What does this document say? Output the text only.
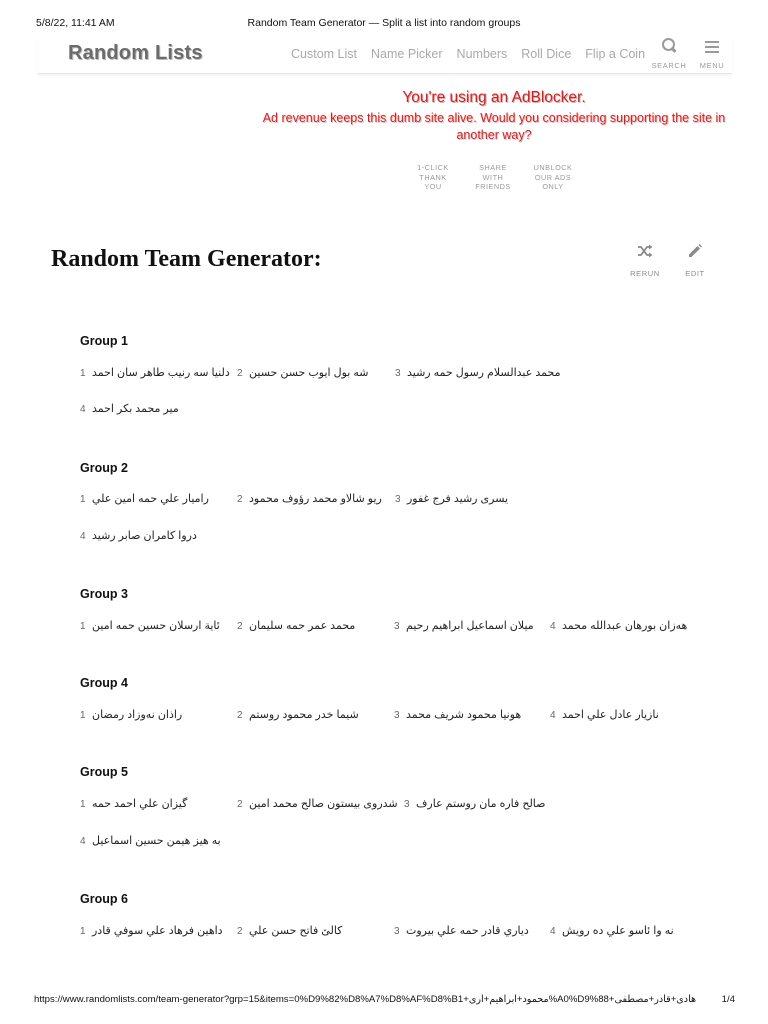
5/8/22, 11:41 AM	Random Team Generator — Split a list into random groups
Random Lists	Custom List Name Picker Numbers Roll Dice Flip a Coin
SEARCH	MENU
You're using an AdBlocker.
Ad revenue keeps this dumb site alive. Would you considering supporting the site in another way?
1-CLICK THANK YOU
SHARE WITH FRIENDS
UNBLOCK OUR ADS ONLY
Random Team Generator:
RERUN	EDIT
Group 1
1 دلنیا سه رنیب طاهر سان احمد 2 شه بول ایوب حسن حسین	3 محمد عبدالسلام رسول حمه رشید
4 میر محمد بکر احمد
Group 2
1 رامیار علي حمه امین علي	2 ریو شالاو محمد رؤوف محمود 3 یسری رشید فرج غفور
4 دروا کامران صابر رشید
Group 3
1 ئاية ارسلان حسین حمه امین 2 محمد عمر حمه سلیمان	3 میلان اسماعیل ابراهیم رحیم 4 هه‌زان بورهان عبدالله محمد
Group 4
1 راذان نه‌وزاد رمضان	2 شیما خدر محمود روستم	3 هونیا محمود شریف محمد	4 نازیار عادل علي احمد
Group 5
1 گیزان علي احمد حمه	2 شدروی بیستون صالح محمد امین 3 صالح فاره مان روستم عارف
4 به هیز هیمن حسین اسماعیل
Group 6
1 داهین فرهاد علي سوفي قادر 2 کالێ فاتح حسن علي	3 دیاري قادر حمه علي بیروت 4 نه وا ئاسو علي ده رویش
https://www.randomlists.com/team-generator?grp=15&items=0%D9%82%D8%A7%D8%AF%D8%B1+محمود+ابراهیم+اری%A0%D9%88+هادی+قادر+مصطفى	1/4
